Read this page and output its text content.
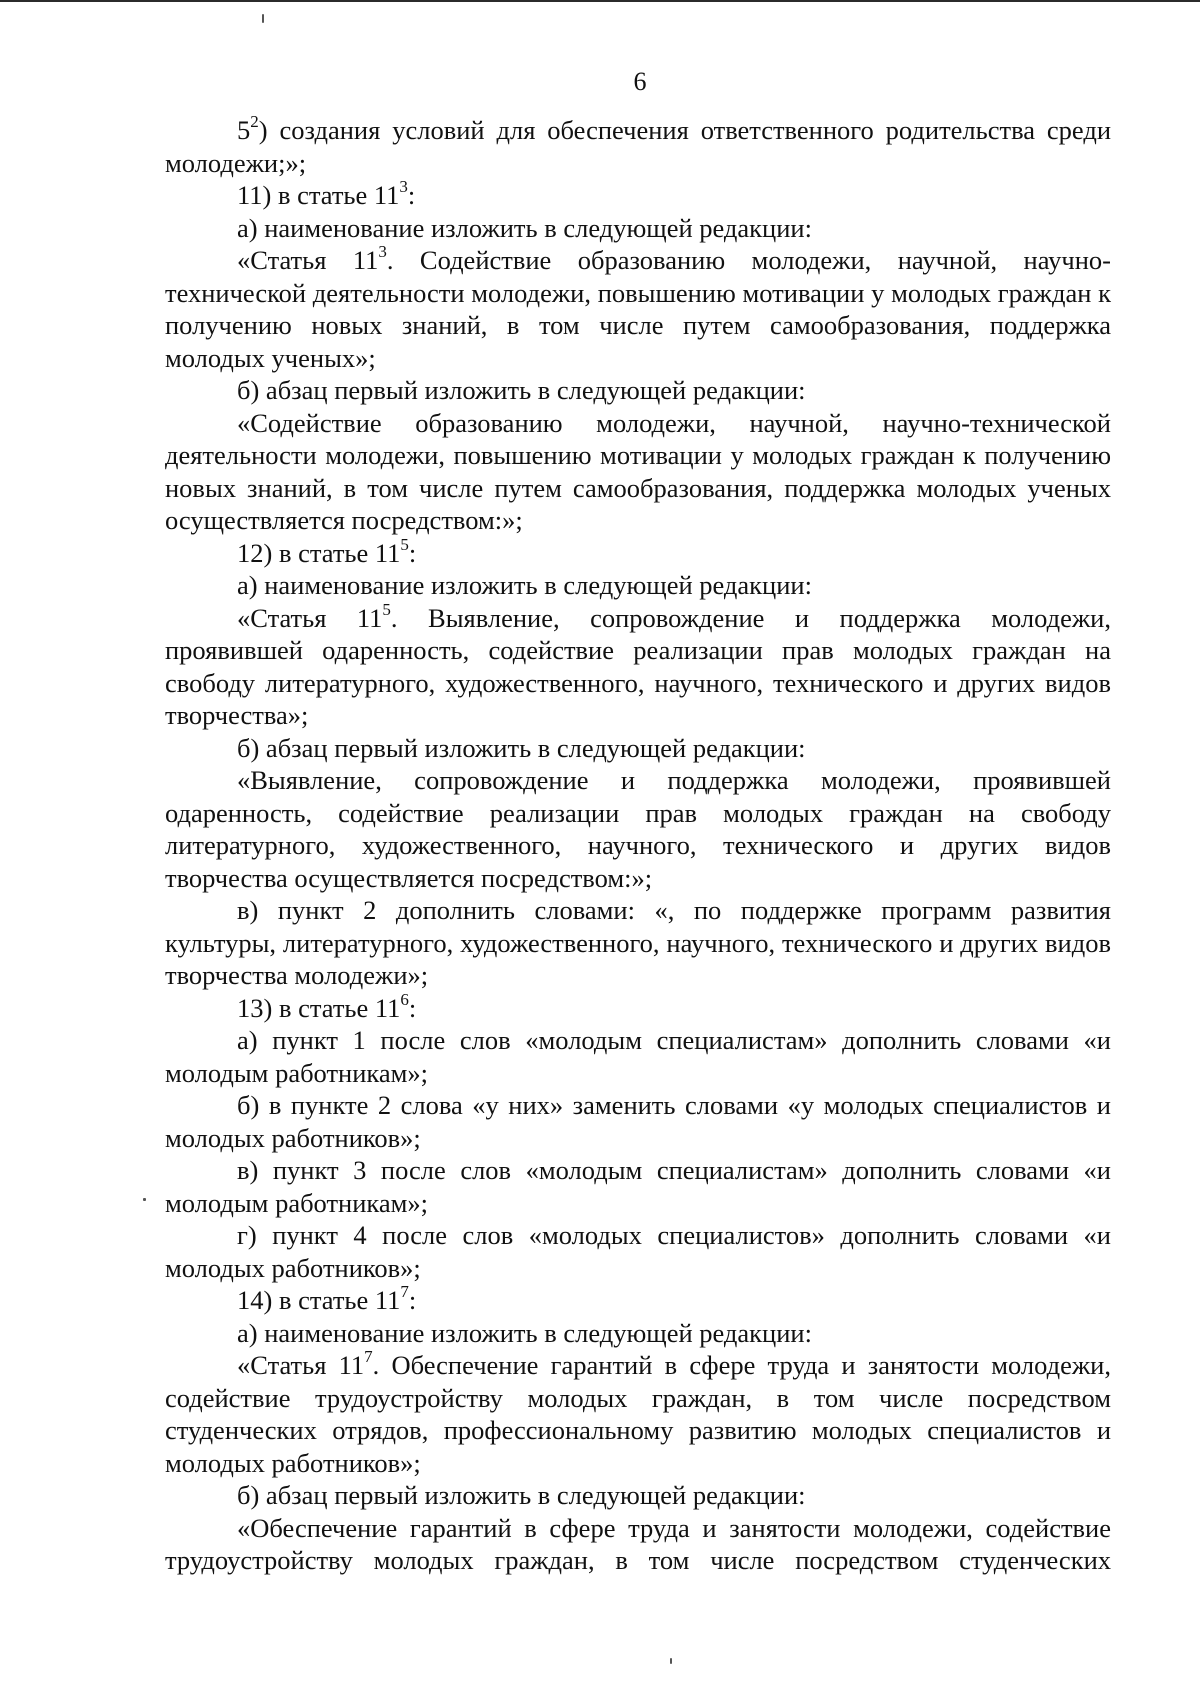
6

$5^2$) создания условий для обеспечения ответственного родительства среди молодежи;»;

11) в статье $11^3$:

а) наименование изложить в следующей редакции:

«Статья $11^3$. Содействие образованию молодежи, научной, научно-технической деятельности молодежи, повышению мотивации у молодых граждан к получению новых знаний, в том числе путем самообразования, поддержка молодых ученых»;

б) абзац первый изложить в следующей редакции:

«Содействие образованию молодежи, научной, научно-технической деятельности молодежи, повышению мотивации у молодых граждан к получению новых знаний, в том числе путем самообразования, поддержка молодых ученых осуществляется посредством:»;

12) в статье $11^5$:

а) наименование изложить в следующей редакции:

«Статья $11^5$. Выявление, сопровождение и поддержка молодежи, проявившей одаренность, содействие реализации прав молодых граждан на свободу литературного, художественного, научного, технического и других видов творчества»;

б) абзац первый изложить в следующей редакции:

«Выявление, сопровождение и поддержка молодежи, проявившей одаренность, содействие реализации прав молодых граждан на свободу литературного, художественного, научного, технического и других видов творчества осуществляется посредством:»;

в) пункт 2 дополнить словами: «, по поддержке программ развития культуры, литературного, художественного, научного, технического и других видов творчества молодежи»;

13) в статье $11^6$:

а) пункт 1 после слов «молодым специалистам» дополнить словами «и молодым работникам»;

б) в пункте 2 слова «у них» заменить словами «у молодых специалистов и молодых работников»;

в) пункт 3 после слов «молодым специалистам» дополнить словами «и молодым работникам»;

г) пункт 4 после слов «молодых специалистов» дополнить словами «и молодых работников»;

14) в статье $11^7$:

а) наименование изложить в следующей редакции:

«Статья $11^7$. Обеспечение гарантий в сфере труда и занятости молодежи, содействие трудоустройству молодых граждан, в том числе посредством студенческих отрядов, профессиональному развитию молодых специалистов и молодых работников»;

б) абзац первый изложить в следующей редакции:

«Обеспечение гарантий в сфере труда и занятости молодежи, содействие трудоустройству молодых граждан, в том числе посредством студенческих
